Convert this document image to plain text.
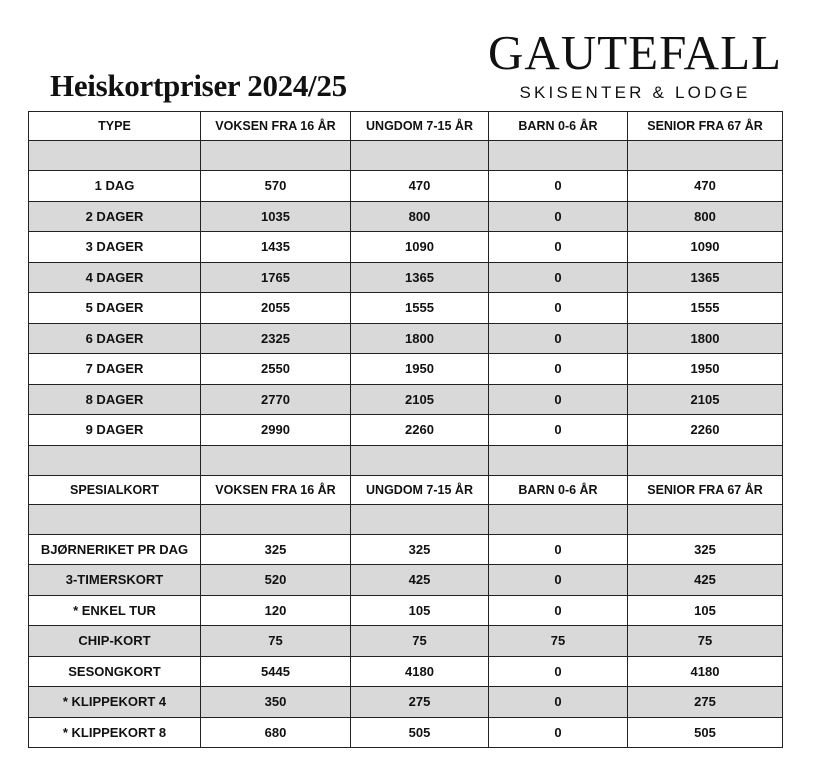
Heiskortpriser 2024/25
GAUTEFALL
SKISENTER & LODGE
TYPE	VOKSEN FRA 16 ÅR	UNGDOM 7-15 ÅR	BARN 0-6 ÅR	SENIOR FRA 67 ÅR

1 DAG	570	470	0	470
2 DAGER	1035	800	0	800
3 DAGER	1435	1090	0	1090
4 DAGER	1765	1365	0	1365
5 DAGER	2055	1555	0	1555
6 DAGER	2325	1800	0	1800
7 DAGER	2550	1950	0	1950
8 DAGER	2770	2105	0	2105
9 DAGER	2990	2260	0	2260

SPESIALKORT	VOKSEN FRA 16 ÅR	UNGDOM 7-15 ÅR	BARN 0-6 ÅR	SENIOR FRA 67 ÅR

BJØRNERIKET PR DAG	325	325	0	325
3-TIMERSKORT	520	425	0	425
* ENKEL TUR	120	105	0	105
CHIP-KORT	75	75	75	75
SESONGKORT	5445	4180	0	4180
* KLIPPEKORT 4	350	275	0	275
* KLIPPEKORT 8	680	505	0	505
